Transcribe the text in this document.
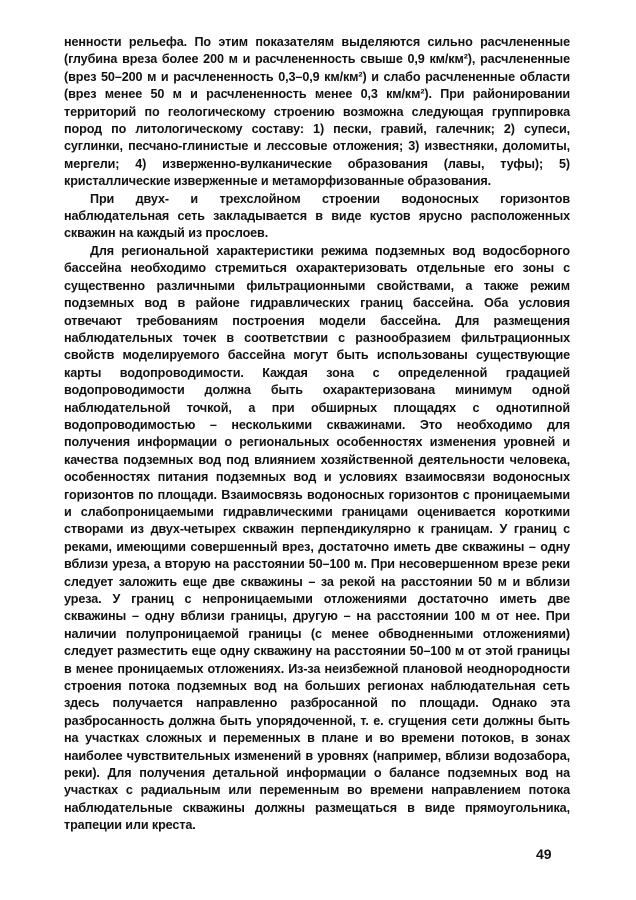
ненности рельефа. По этим показателям выделяются сильно расчлененные (глубина вреза более 200 м и расчлененность свыше 0,9 км/км²), расчлененные (врез 50–200 м и расчлененность 0,3–0,9 км/км²) и слабо расчлененные области (врез менее 50 м и расчлененность менее 0,3 км/км²). При районировании территорий по геологическому строению возможна следующая группировка пород по литологическому составу: 1) пески, гравий, галечник; 2) супеси, суглинки, песчано-глинистые и лессовые отложения; 3) известняки, доломиты, мергели; 4) изверженно-вулканические образования (лавы, туфы); 5) кристаллические изверженные и метаморфизованные образования.

При двух- и трехслойном строении водоносных горизонтов наблюдательная сеть закладывается в виде кустов ярусно расположенных скважин на каждый из прослоев.

Для региональной характеристики режима подземных вод водосборного бассейна необходимо стремиться охарактеризовать отдельные его зоны с существенно различными фильтрационными свойствами, а также режим подземных вод в районе гидравлических границ бассейна. Оба условия отвечают требованиям построения модели бассейна. Для размещения наблюдательных точек в соответствии с разнообразием фильтрационных свойств моделируемого бассейна могут быть использованы существующие карты водопроводимости. Каждая зона с определенной градацией водопроводимости должна быть охарактеризована минимум одной наблюдательной точкой, а при обширных площадях с однотипной водопроводимостью – несколькими скважинами. Это необходимо для получения информации о региональных особенностях изменения уровней и качества подземных вод под влиянием хозяйственной деятельности человека, особенностях питания подземных вод и условиях взаимосвязи водоносных горизонтов по площади. Взаимосвязь водоносных горизонтов с проницаемыми и слабопроницаемыми гидравлическими границами оценивается короткими створами из двух-четырех скважин перпендикулярно к границам. У границ с реками, имеющими совершенный врез, достаточно иметь две скважины – одну вблизи уреза, а вторую на расстоянии 50–100 м. При несовершенном врезе реки следует заложить еще две скважины – за рекой на расстоянии 50 м и вблизи уреза. У границ с непроницаемыми отложениями достаточно иметь две скважины – одну вблизи границы, другую – на расстоянии 100 м от нее. При наличии полупроницаемой границы (с менее обводненными отложениями) следует разместить еще одну скважину на расстоянии 50–100 м от этой границы в менее проницаемых отложениях. Из-за неизбежной плановой неоднородности строения потока подземных вод на больших регионах наблюдательная сеть здесь получается направленно разбросанной по площади. Однако эта разбросанность должна быть упорядоченной, т. е. сгущения сети должны быть на участках сложных и переменных в плане и во времени потоков, в зонах наиболее чувствительных изменений в уровнях (например, вблизи водозабора, реки). Для получения детальной информации о балансе подземных вод на участках с радиальным или переменным во времени направлением потока наблюдательные скважины должны размещаться в виде прямоугольника, трапеции или креста.

49
